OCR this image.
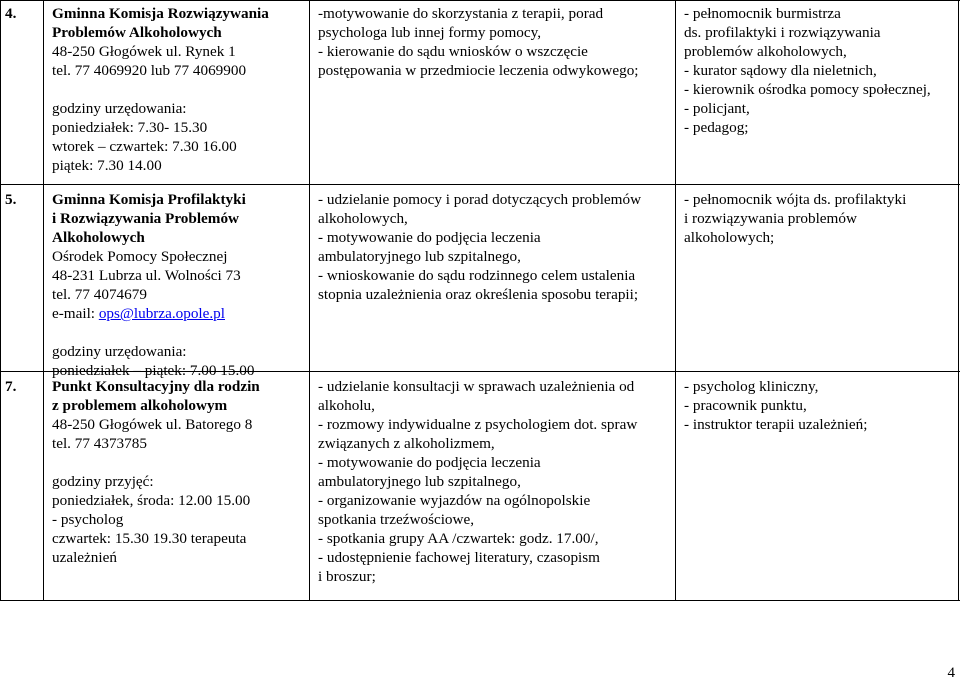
4. Gminna Komisja Rozwiązywania
Problemów Alkoholowych
48-250 Głogówek ul. Rynek 1
tel. 77 4069920 lub 77 4069900
godziny urzędowania:
poniedziałek: 7.30- 15.30
wtorek – czwartek: 7.30 16.00
piątek: 7.30 14.00
-motywowanie do skorzystania z terapii, porad
psychologa lub innej formy pomocy,
- kierowanie do sądu wniosków o wszczęcie
postępowania w przedmiocie leczenia odwykowego;
- pełnomocnik burmistrza
ds. profilaktyki i rozwiązywania
problemów alkoholowych,
- kurator sądowy dla nieletnich,
- kierownik ośrodka pomocy społecznej,
- policjant,
- pedagog;
5. Gminna Komisja Profilaktyki
i Rozwiązywania Problemów
Alkoholowych
Ośrodek Pomocy Społecznej
48-231 Lubrza ul. Wolności 73
tel. 77 4074679
e-mail: ops@lubrza.opole.pl
godziny urzędowania:
poniedziałek – piątek: 7.00 15.00
- udzielanie pomocy i porad dotyczących problemów
alkoholowych,
- motywowanie do podjęcia leczenia
ambulatoryjnego lub szpitalnego,
- wnioskowanie do sądu rodzinnego celem ustalenia
stopnia uzależnienia oraz określenia sposobu terapii;
- pełnomocnik wójta ds. profilaktyki
i rozwiązywania problemów
alkoholowych;
7. Punkt Konsultacyjny dla rodzin
z problemem alkoholowym
48-250 Głogówek ul. Batorego 8
tel. 77 4373785
godziny przyjęć:
poniedziałek, środa: 12.00 15.00
- psycholog
czwartek: 15.30 19.30 terapeuta
uzależnień
- udzielanie konsultacji w sprawach uzależnienia od
alkoholu,
- rozmowy indywidualne z psychologiem dot. spraw
związanych z alkoholizmem,
- motywowanie do podjęcia leczenia
ambulatoryjnego lub szpitalnego,
- organizowanie wyjazdów na ogólnopolskie
spotkania trzeźwościowe,
- spotkania grupy AA /czwartek: godz. 17.00/,
- udostępnienie fachowej literatury, czasopism
i broszur;
- psycholog kliniczny,
- pracownik punktu,
- instruktor terapii uzależnień;
4
